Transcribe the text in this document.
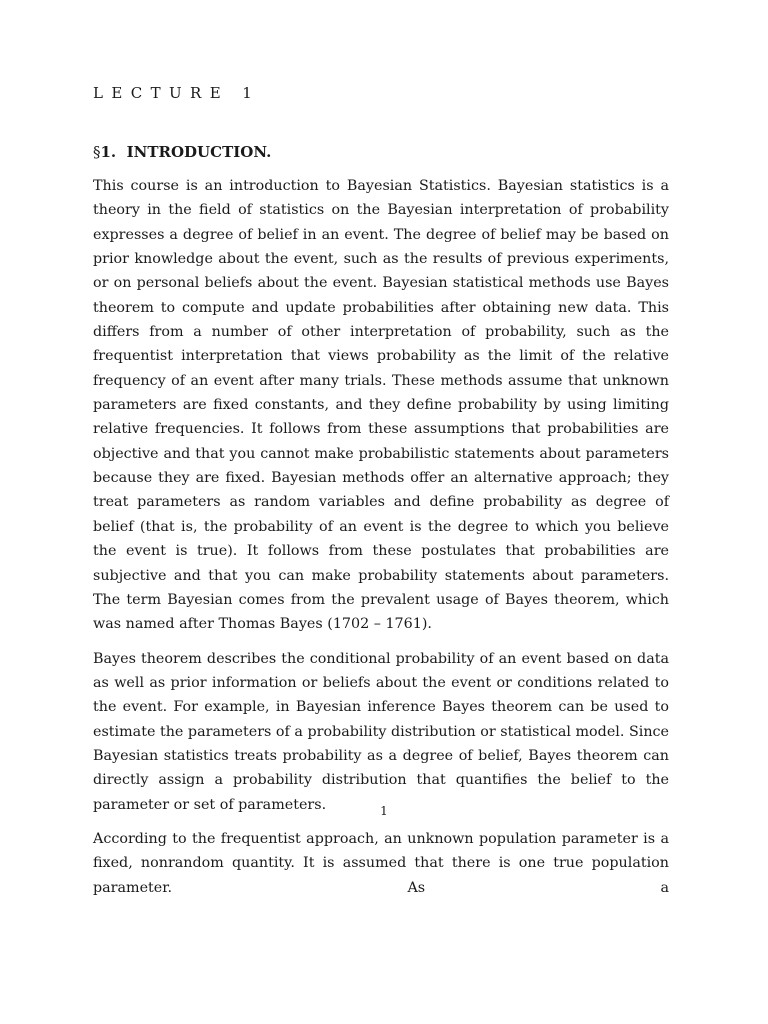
LECTURE 1
§1. INTRODUCTION.

This course is an introduction to Bayesian Statistics. Bayesian statistics is a theory in the field of statistics on the Bayesian interpretation of probability expresses a degree of belief in an event. The degree of belief may be based on prior knowledge about the event, such as the results of previous experiments, or on personal beliefs about the event. Bayesian statistical methods use Bayes theorem to compute and update probabilities after obtaining new data. This differs from a number of other interpretation of probability, such as the frequentist interpretation that views probability as the limit of the relative frequency of an event after many trials. These methods assume that unknown parameters are fixed constants, and they define probability by using limiting relative frequencies. It follows from these assumptions that probabilities are objective and that you cannot make probabilistic statements about parameters because they are fixed. Bayesian methods offer an alternative approach; they treat parameters as random variables and define probability as degree of belief (that is, the probability of an event is the degree to which you believe the event is true). It follows from these postulates that probabilities are subjective and that you can make probability statements about parameters. The term Bayesian comes from the prevalent usage of Bayes theorem, which was named after Thomas Bayes (1702 – 1761).

Bayes theorem describes the conditional probability of an event based on data as well as prior information or beliefs about the event or conditions related to the event. For example, in Bayesian inference Bayes theorem can be used to estimate the parameters of a probability distribution or statistical model. Since Bayesian statistics treats probability as a degree of belief, Bayes theorem can directly assign a probability distribution that quantifies the belief to the parameter or set of parameters.

According to the frequentist approach, an unknown population parameter is a fixed, nonrandom quantity. It is assumed that there is one true population parameter. As a

1
